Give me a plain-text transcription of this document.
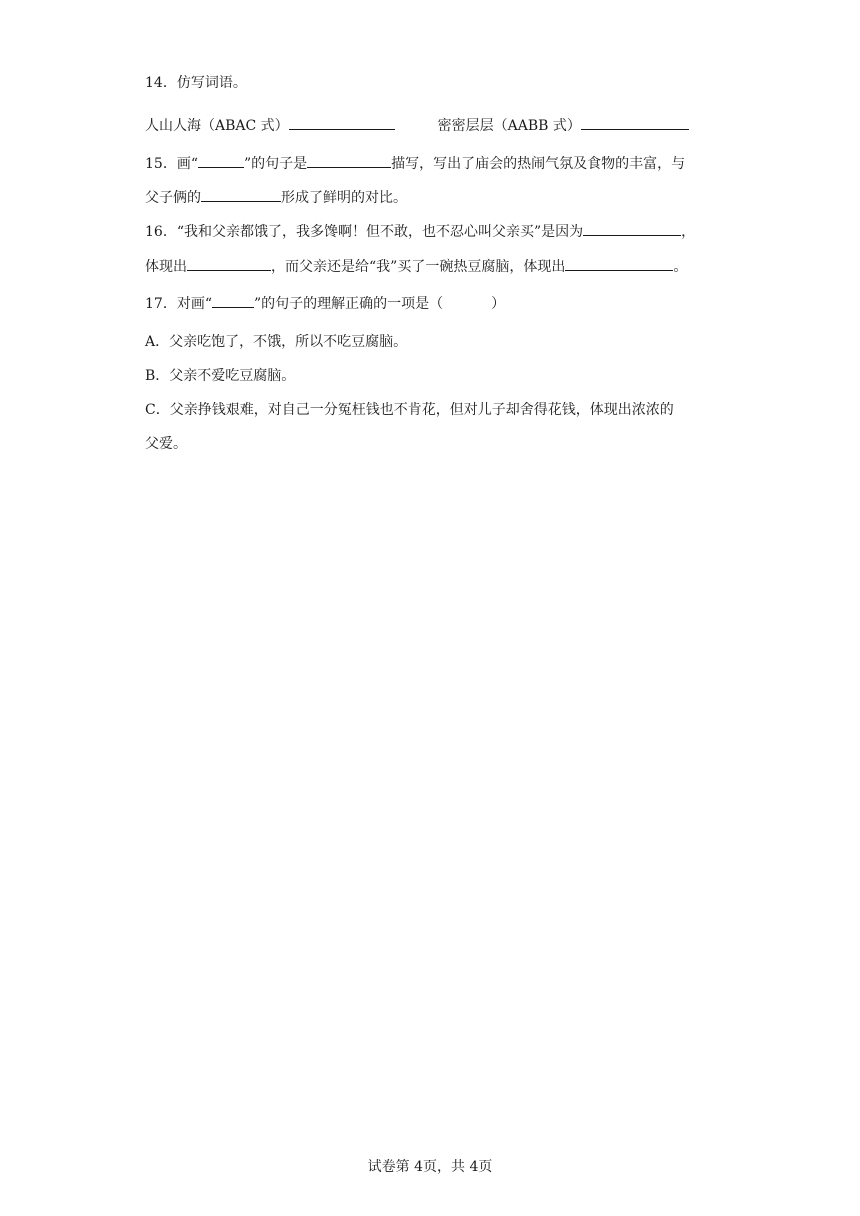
14．仿写词语。
人山人海（ABAC 式）	密密层层（AABB 式）
15．画“	”的句子是	描写，写出了庙会的热闹气氛及食物的丰富，与
父子俩的	形成了鲜明的对比。
16．“我和父亲都饿了，我多馋啊！但不敢，也不忍心叫父亲买”是因为	，
体现出	，而父亲还是给“我”买了一碗热豆腐脑，体现出	。
17．对画“	”的句子的理解正确的一项是（	）
A．父亲吃饱了，不饿，所以不吃豆腐脑。
B．父亲不爱吃豆腐脑。
C．父亲挣钱艰难，对自己一分冤枉钱也不肯花，但对儿子却舍得花钱，体现出浓浓的
父爱。
试卷第 4页，共 4页
